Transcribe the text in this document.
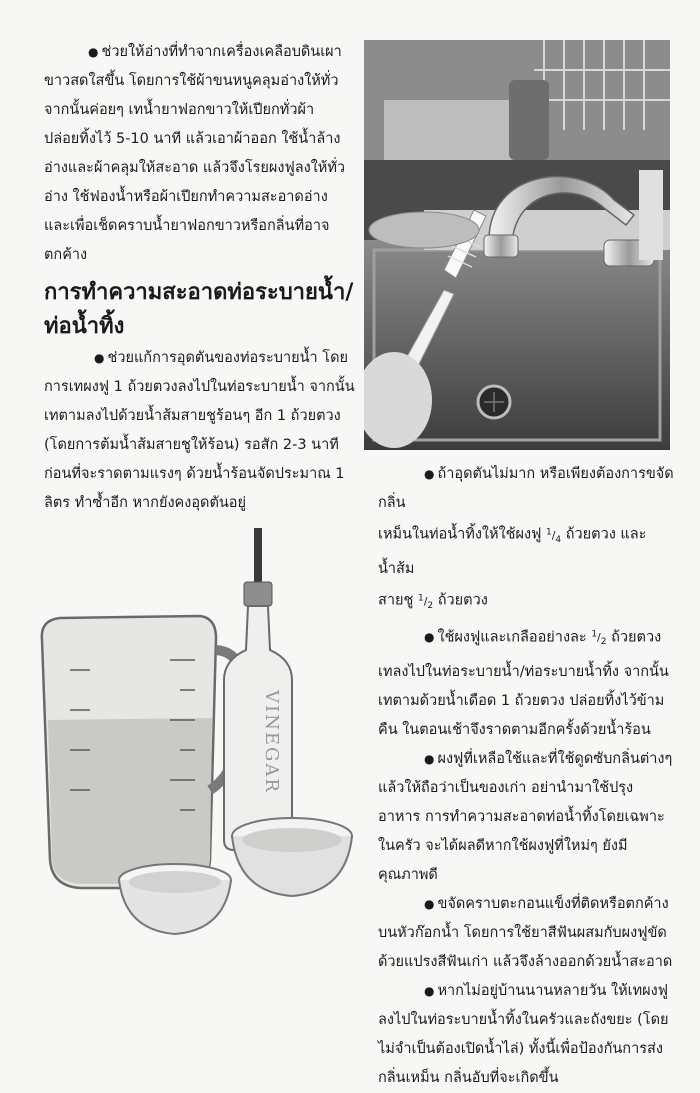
● ช่วยให้อ่างที่ทำจากเครื่องเคลือบดินเผาขาวสดใสขึ้น โดยการใช้ผ้าขนหนูคลุมอ่างให้ทั่ว จากนั้นค่อยๆ เทน้ำยาฟอกขาวให้เปียกทั่วผ้า ปล่อยทิ้งไว้ 5-10 นาที แล้วเอาผ้าออก ใช้น้ำล้างอ่างและผ้าคลุมให้สะอาด แล้วจึงโรยผงฟูลงให้ทั่วอ่าง ใช้ฟองน้ำหรือผ้าเปียกทำความสะอาดอ่าง และเพื่อเช็ดคราบน้ำยาฟอกขาวหรือกลิ่นที่อาจตกค้าง
การทำความสะอาดท่อระบายน้ำ/
ท่อน้ำทิ้ง
● ช่วยแก้การอุดตันของท่อระบายน้ำ โดยการเทผงฟู 1 ถ้วยตวงลงไปในท่อระบายน้ำ จากนั้นเทตามลงไปด้วยน้ำส้มสายชูร้อนๆ อีก 1 ถ้วยตวง (โดยการต้มน้ำส้มสายชูให้ร้อน) รอสัก 2-3 นาที ก่อนที่จะราดตามแรงๆ ด้วยน้ำร้อนจัดประมาณ 1 ลิตร ทำซ้ำอีก หากยังคงอุดตันอยู่
VINEGAR
● ถ้าอุดตันไม่มาก หรือเพียงต้องการขจัดกลิ่น
เหม็นในท่อน้ำทิ้งให้ใช้ผงฟู $^1/_4$ ถ้วยตวง และน้ำส้ม
สายชู $^1/_2$ ถ้วยตวง
● ใช้ผงฟูและเกลืออย่างละ $^1/_2$ ถ้วยตวง เทลงไปในท่อระบายน้ำ/ท่อระบายน้ำทิ้ง จากนั้นเทตามด้วยน้ำเดือด 1 ถ้วยตวง ปล่อยทิ้งไว้ข้ามคืน ในตอนเช้าจึงราดตามอีกครั้งด้วยน้ำร้อน
● ผงฟูที่เหลือใช้และที่ใช้ดูดซับกลิ่นต่างๆ แล้วให้ถือว่าเป็นของเก่า อย่านำมาใช้ปรุงอาหาร การทำความสะอาดท่อน้ำทิ้งโดยเฉพาะในครัว จะได้ผลดีหากใช้ผงฟูที่ใหม่ๆ ยังมีคุณภาพดี
● ขจัดคราบตะกอนแข็งที่ติดหรือตกค้างบนหัวก๊อกน้ำ โดยการใช้ยาสีฟันผสมกับผงฟูขัดด้วยแปรงสีฟันเก่า แล้วจึงล้างออกด้วยน้ำสะอาด
● หากไม่อยู่บ้านนานหลายวัน ให้เทผงฟูลงไปในท่อระบายน้ำทิ้งในครัวและถังขยะ (โดยไม่จำเป็นต้องเปิดน้ำไล่) ทั้งนี้เพื่อป้องกันการส่งกลิ่นเหม็น กลิ่นอับที่จะเกิดขึ้น
